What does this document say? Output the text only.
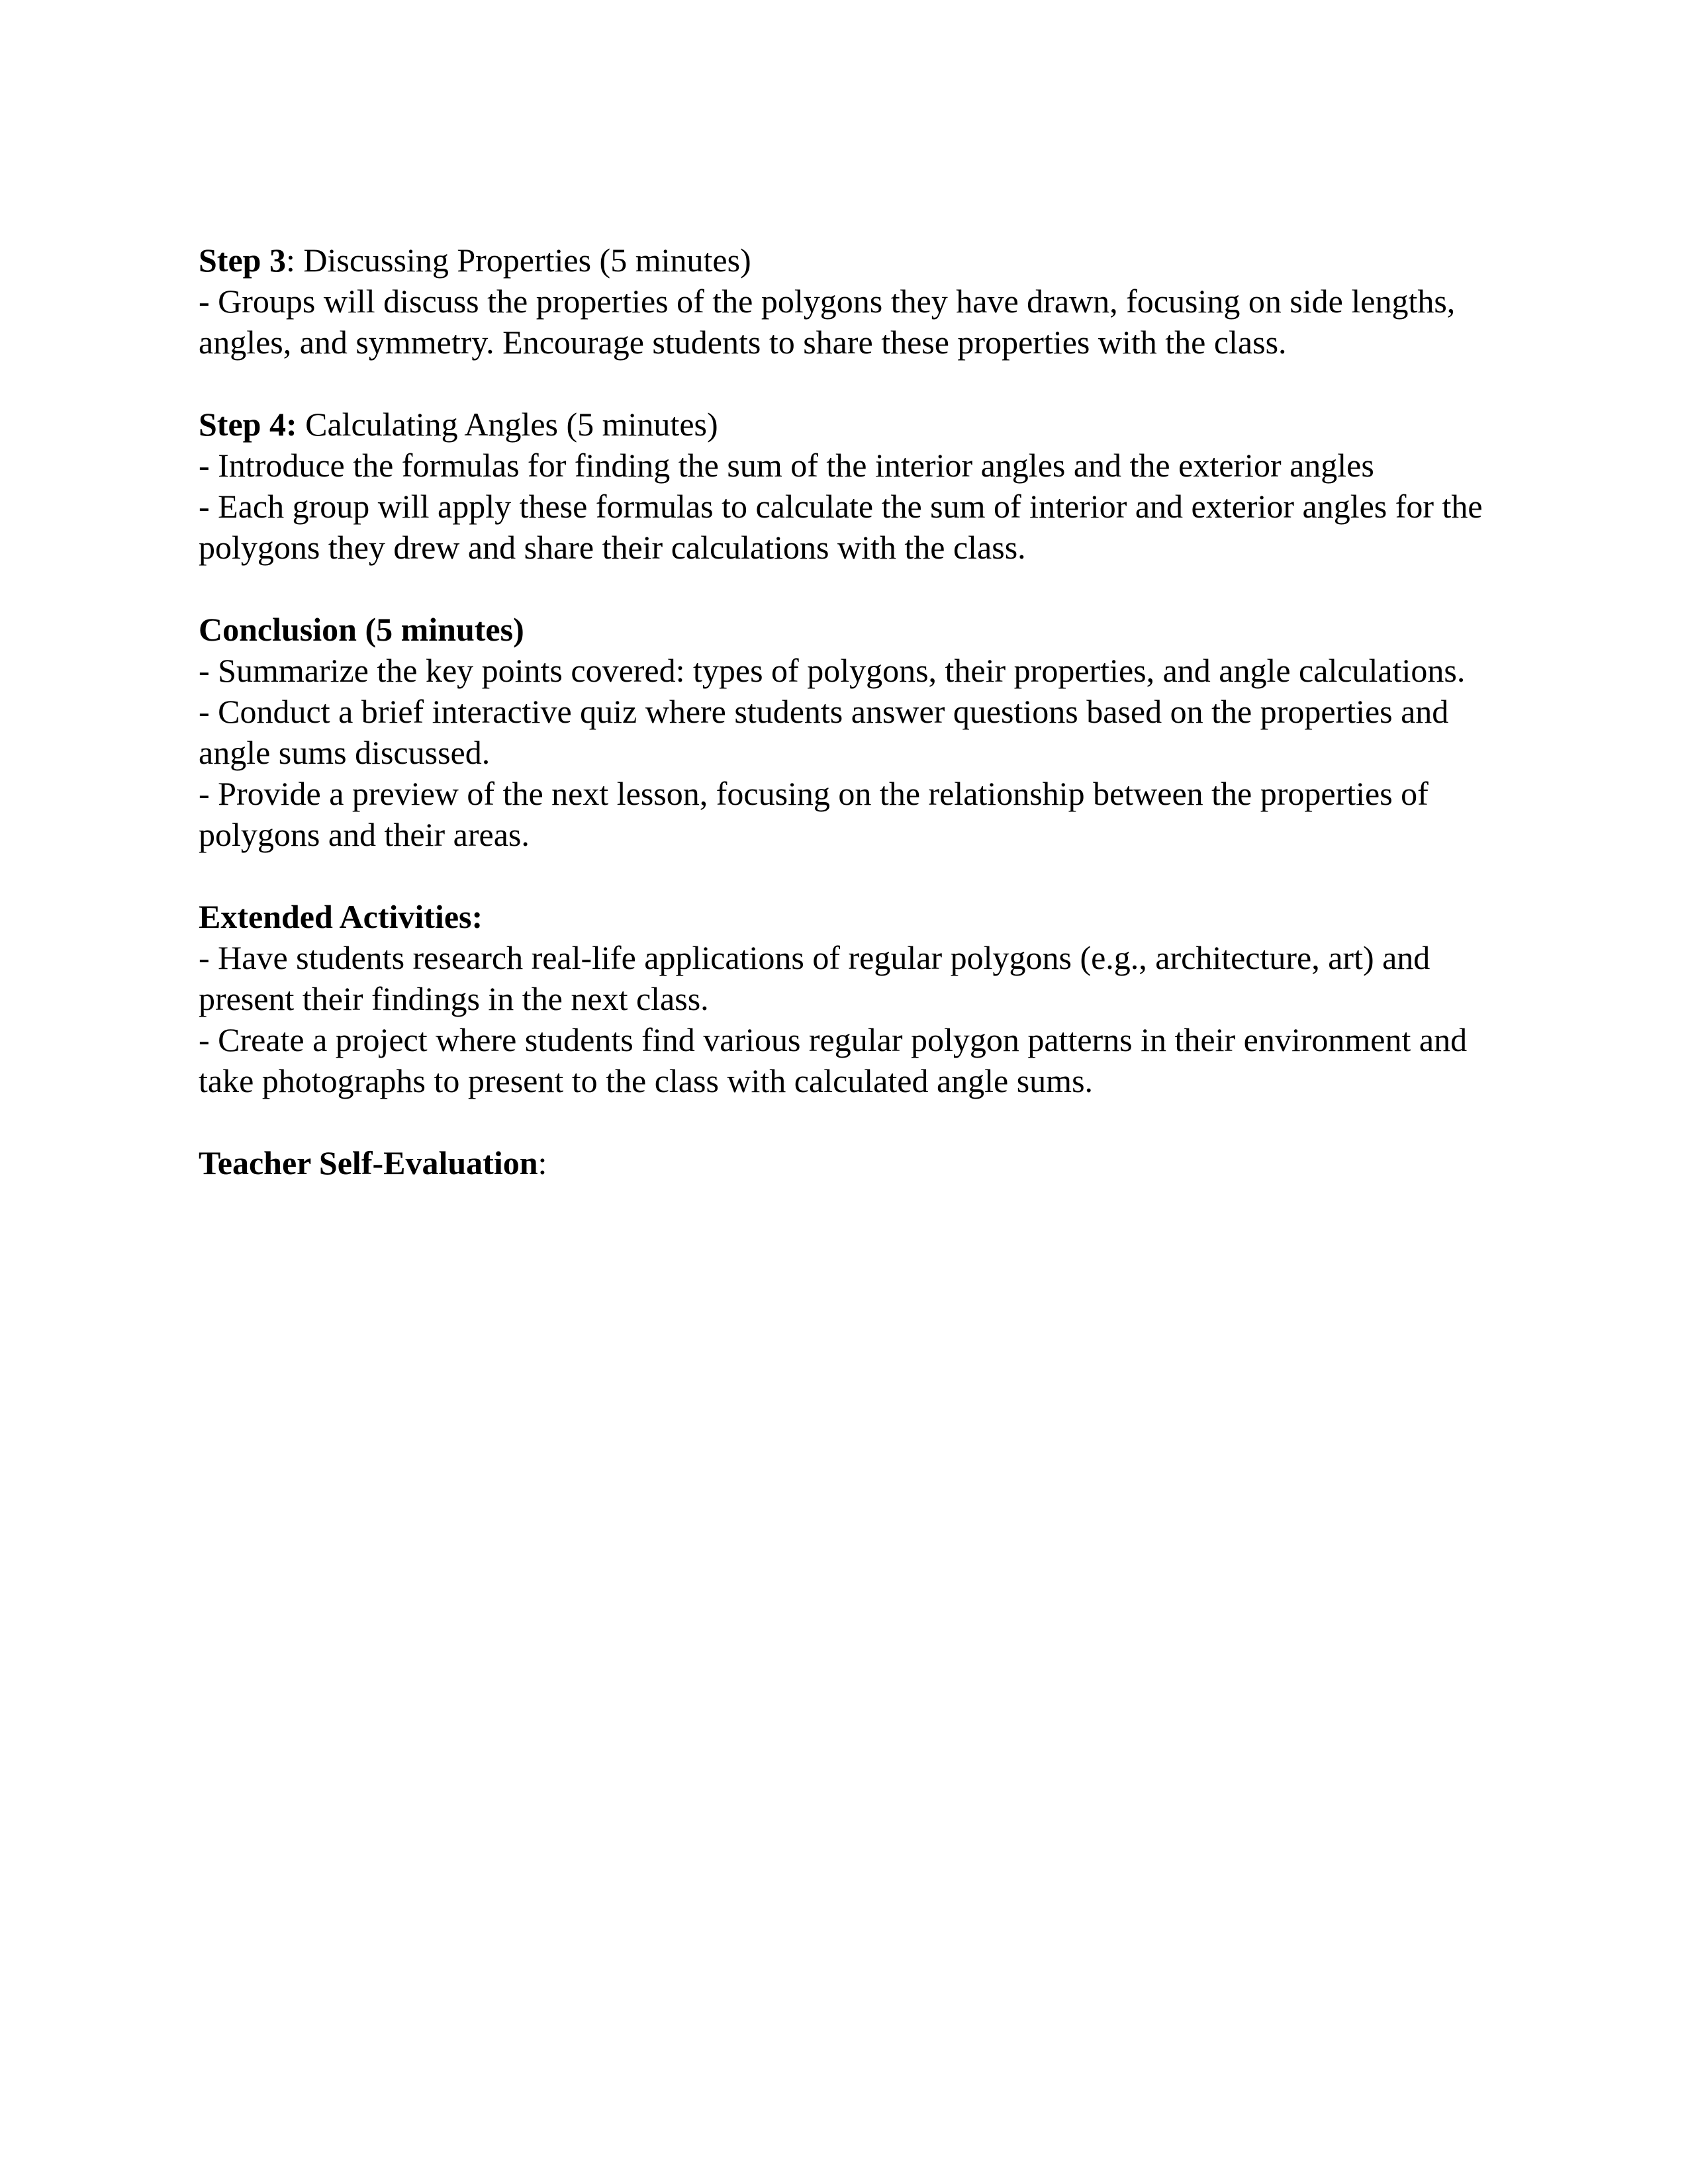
Step 3: Discussing Properties (5 minutes)

- Groups will discuss the properties of the polygons they have drawn, focusing on side lengths, angles, and symmetry. Encourage students to share these properties with the class.

Step 4: Calculating Angles (5 minutes)

- Introduce the formulas for finding the sum of the interior angles and the exterior angles

- Each group will apply these formulas to calculate the sum of interior and exterior angles for the polygons they drew and share their calculations with the class.

Conclusion (5 minutes)

- Summarize the key points covered: types of polygons, their properties, and angle calculations.

- Conduct a brief interactive quiz where students answer questions based on the properties and angle sums discussed.

- Provide a preview of the next lesson, focusing on the relationship between the properties of polygons and their areas.

Extended Activities:

- Have students research real-life applications of regular polygons (e.g., architecture, art) and present their findings in the next class.

- Create a project where students find various regular polygon patterns in their environment and take photographs to present to the class with calculated angle sums.

Teacher Self-Evaluation:
